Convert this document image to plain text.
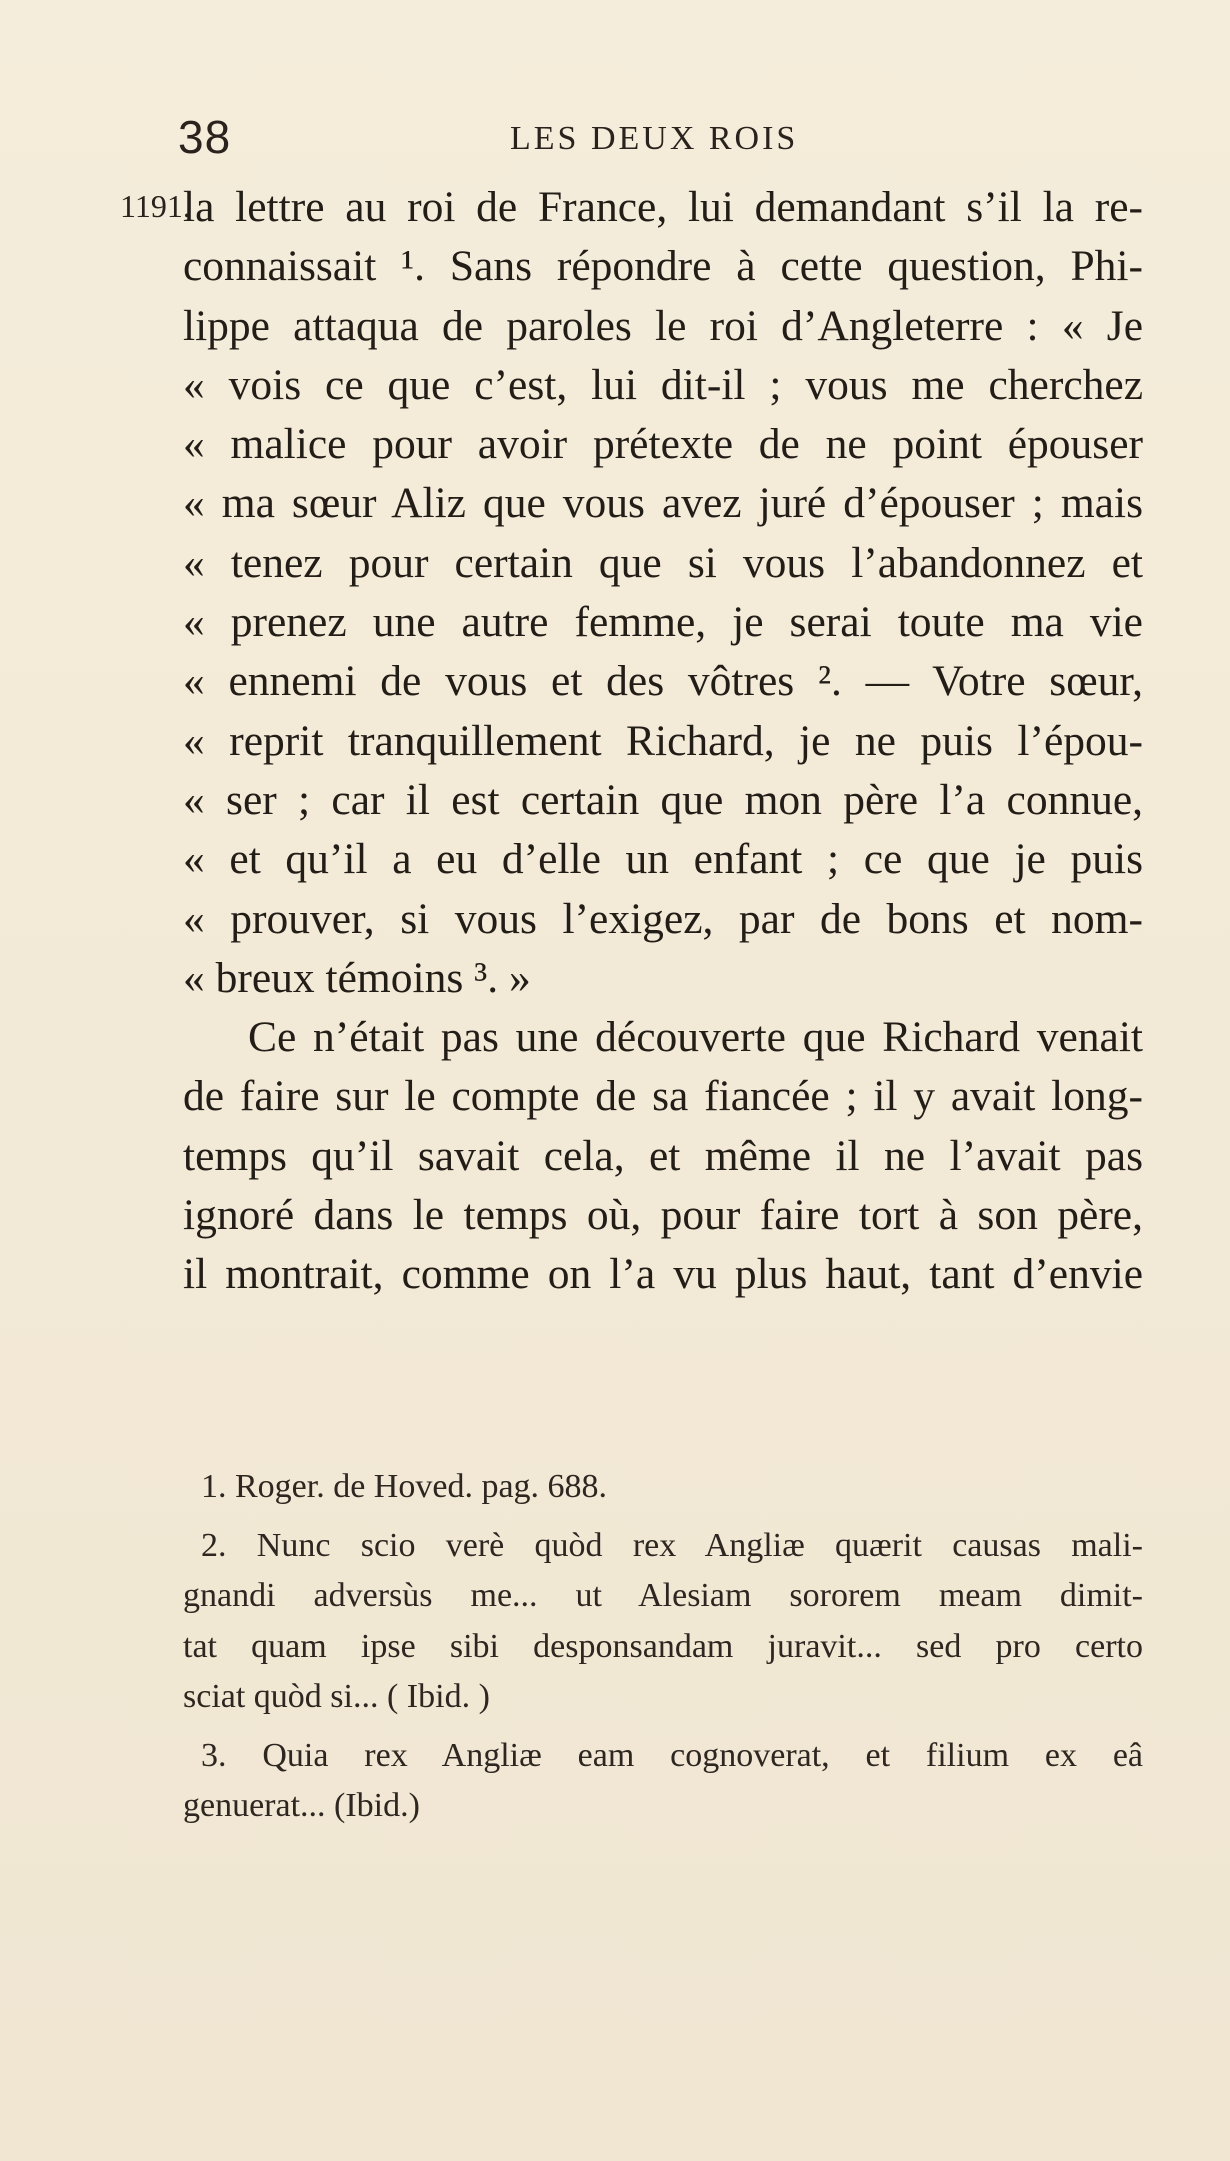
38	LES DEUX ROIS
1191.
la lettre au roi de France, lui demandant s’il la re-
connaissait ¹. Sans répondre à cette question, Phi-
lippe attaqua de paroles le roi d’Angleterre : « Je
« vois ce que c’est, lui dit-il ; vous me cherchez
« malice pour avoir prétexte de ne point épouser
« ma sœur Aliz que vous avez juré d’épouser ; mais
« tenez pour certain que si vous l’abandonnez et
« prenez une autre femme, je serai toute ma vie
« ennemi de vous et des vôtres ². — Votre sœur,
« reprit tranquillement Richard, je ne puis l’épou-
« ser ; car il est certain que mon père l’a connue,
« et qu’il a eu d’elle un enfant ; ce que je puis
« prouver, si vous l’exigez, par de bons et nom-
« breux témoins ³. »
Ce n’était pas une découverte que Richard venait
de faire sur le compte de sa fiancée ; il y avait long-
temps qu’il savait cela, et même il ne l’avait pas
ignoré dans le temps où, pour faire tort à son père,
il montrait, comme on l’a vu plus haut, tant d’envie
1. Roger. de Hoved. pag. 688.
2. Nunc scio verè quòd rex Angliæ quærit causas mali-
gnandi adversùs me... ut Alesiam sororem meam dimit-
tat quam ipse sibi desponsandam juravit... sed pro certo
sciat quòd si... ( Ibid. )
3. Quia rex Angliæ eam cognoverat, et filium ex eâ
genuerat... (Ibid.)
